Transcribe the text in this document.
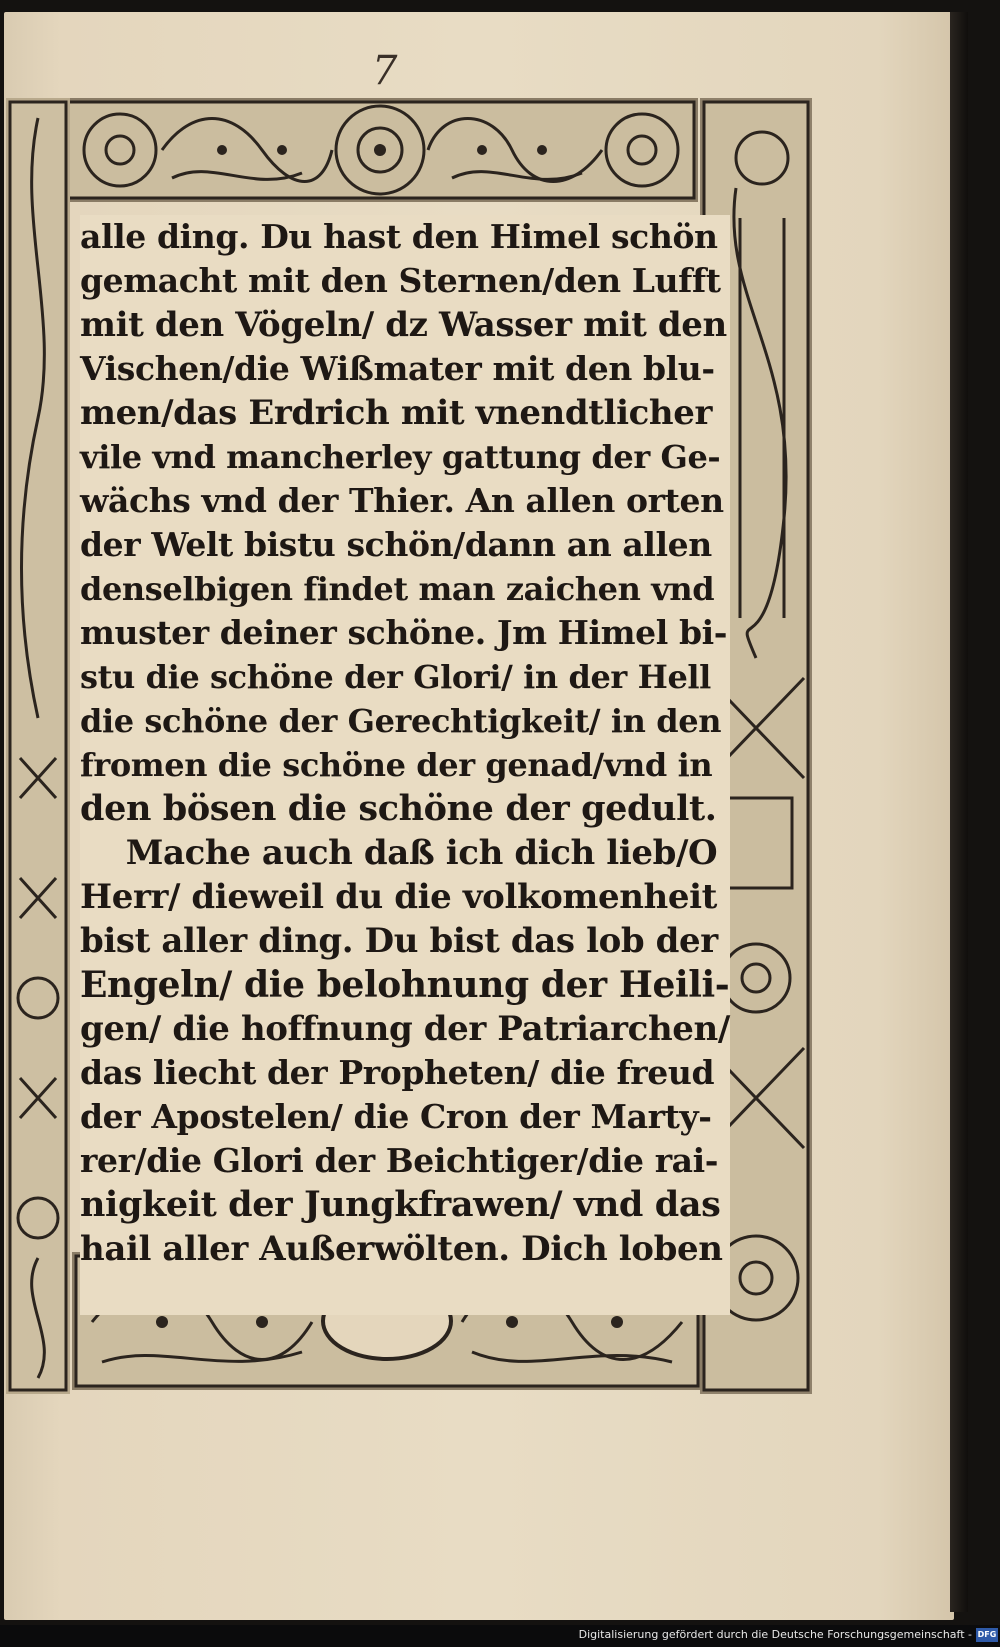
7
alle ding. Du hast den Himel schön
gemacht mit den Sternen/den Lufft
mit den Vögeln/ dz Wasser mit den
Vischen/die Wißmater mit den blu-
men/das Erdrich mit vnendtlicher
vile vnd mancherley gattung der Ge-
wächs vnd der Thier. An allen orten
der Welt bistu schön/dann an allen
denselbigen findet man zaichen vnd
muster deiner schöne. Jm Himel bi-
stu die schöne der Glori/ in der Hell
die schöne der Gerechtigkeit/ in den
fromen die schöne der genad/vnd in
den bösen die schöne der gedult.
Mache auch daß ich dich lieb/O
Herr/ dieweil du die volkomenheit
bist aller ding. Du bist das lob der
Engeln/ die belohnung der Heili-
gen/ die hoffnung der Patriarchen/
das liecht der Propheten/ die freud
der Apostelen/ die Cron der Marty-
rer/die Glori der Beichtiger/die rai-
nigkeit der Jungkfrawen/ vnd das
hail aller Außerwölten. Dich loben
Digitalisierung gefördert durch die Deutsche Forschungsgemeinschaft - DFG
